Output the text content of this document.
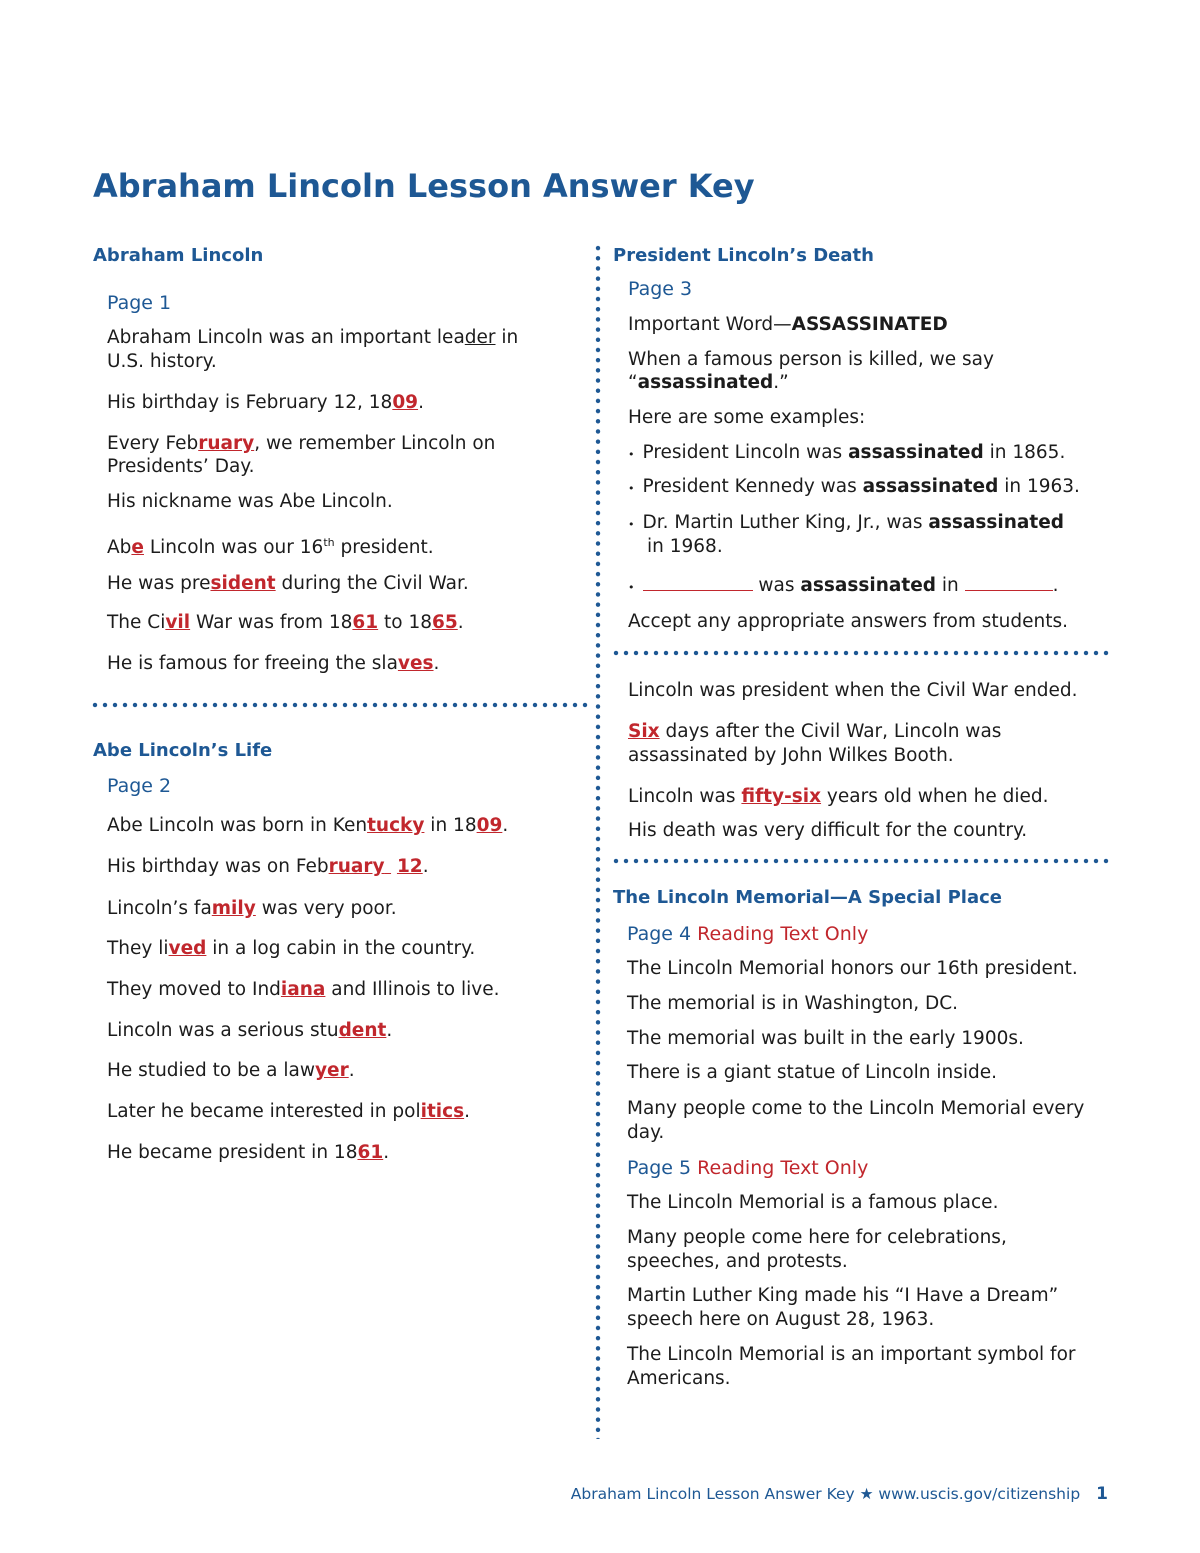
Abraham Lincoln Lesson Answer Key
Abraham Lincoln

Page 1

Abraham Lincoln was an important leader in

U.S. history.

His birthday is February 12, 1809.

Every February, we remember Lincoln on

Presidents’ Day.

His nickname was Abe Lincoln.

Abe Lincoln was our 16th president.

He was president during the Civil War.

The Civil War was from 1861 to 1865.

He is famous for freeing the slaves.

Abe Lincoln’s Life

Page 2

Abe Lincoln was born in Kentucky in 1809.

His birthday was on February 12.

Lincoln’s family was very poor.

They lived in a log cabin in the country.

They moved to Indiana and Illinois to live.

Lincoln was a serious student.

He studied to be a lawyer.

Later he became interested in politics.

He became president in 1861.

President Lincoln’s Death

Page 3

Important Word—ASSASSINATED

When a famous person is killed, we say

“assassinated.”

Here are some examples:

• President Lincoln was assassinated in 1865.

• President Kennedy was assassinated in 1963.

• Dr. Martin Luther King, Jr., was assassinated

in 1968.

•	was assassinated in	.

Accept any appropriate answers from students.

Lincoln was president when the Civil War ended.

Six days after the Civil War, Lincoln was

assassinated by John Wilkes Booth.

Lincoln was fifty-six years old when he died.

His death was very difficult for the country.

The Lincoln Memorial—A Special Place

Page 4 Reading Text Only

The Lincoln Memorial honors our 16th president.

The memorial is in Washington, DC.

The memorial was built in the early 1900s.

There is a giant statue of Lincoln inside.

Many people come to the Lincoln Memorial every

day.

Page 5 Reading Text Only

The Lincoln Memorial is a famous place.

Many people come here for celebrations,

speeches, and protests.

Martin Luther King made his “I Have a Dream”

speech here on August 28, 1963.

The Lincoln Memorial is an important symbol for

Americans.

Abraham Lincoln Lesson Answer Key ★ www.uscis.gov/citizenship 1
